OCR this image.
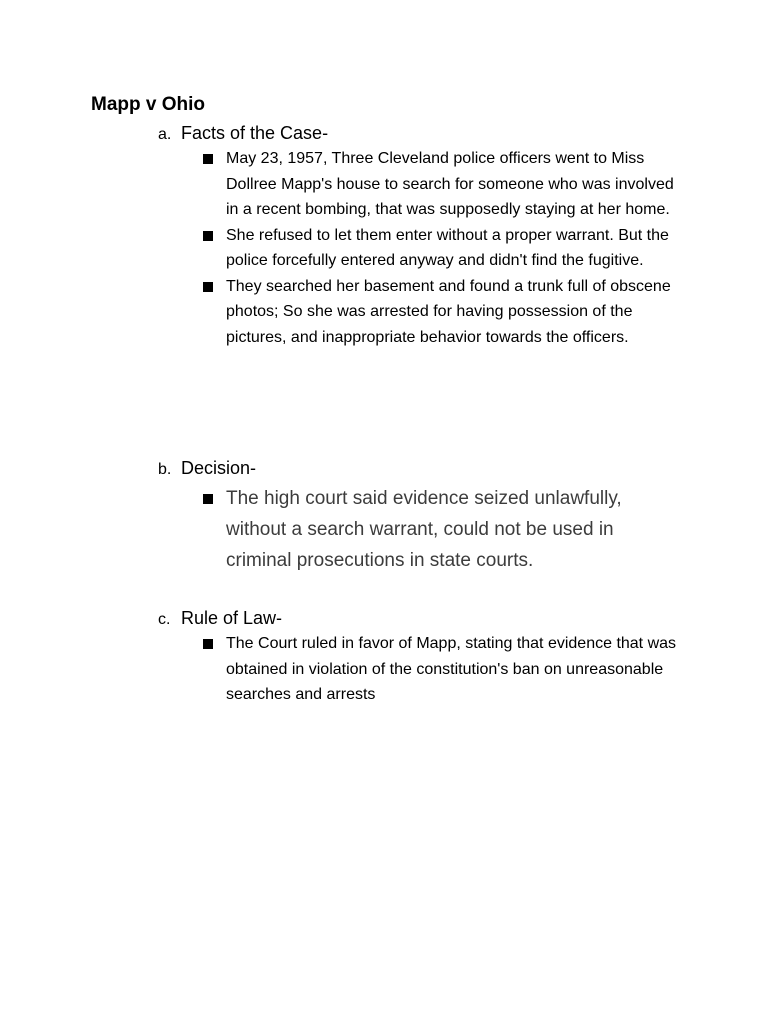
Mapp v Ohio
a. Facts of the Case-
May 23, 1957, Three Cleveland police officers went to Miss Dollree Mapp's house to search for someone who was involved in a recent bombing, that was supposedly staying at her home.
She refused to let them enter without a proper warrant. But the police forcefully entered anyway and didn't find the fugitive.
They searched her basement and found a trunk full of obscene photos; So she was arrested for having possession of the pictures, and inappropriate behavior towards the officers.
b. Decision-
The high court said evidence seized unlawfully, without a search warrant, could not be used in criminal prosecutions in state courts.
c. Rule of Law-
The Court ruled in favor of Mapp, stating that evidence that was obtained in violation of the constitution's ban on unreasonable searches and arrests
